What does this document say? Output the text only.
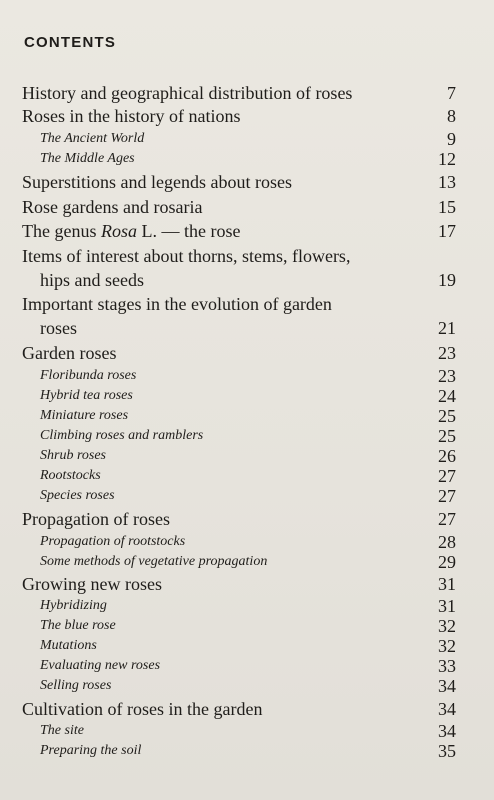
CONTENTS
History and geographical distribution of roses	7
Roses in the history of nations	8
The Ancient World	9
The Middle Ages	12
Superstitions and legends about roses	13
Rose gardens and rosaria	15
The genus Rosa L. — the rose	17
Items of interest about thorns, stems, flowers,
hips and seeds	19
Important stages in the evolution of garden
roses	21
Garden roses	23
Floribunda roses	23
Hybrid tea roses	24
Miniature roses	25
Climbing roses and ramblers	25
Shrub roses	26
Rootstocks	27
Species roses	27
Propagation of roses	27
Propagation of rootstocks	28
Some methods of vegetative propagation	29
Growing new roses	31
Hybridizing	31
The blue rose	32
Mutations	32
Evaluating new roses	33
Selling roses	34
Cultivation of roses in the garden	34
The site	34
Preparing the soil	35
